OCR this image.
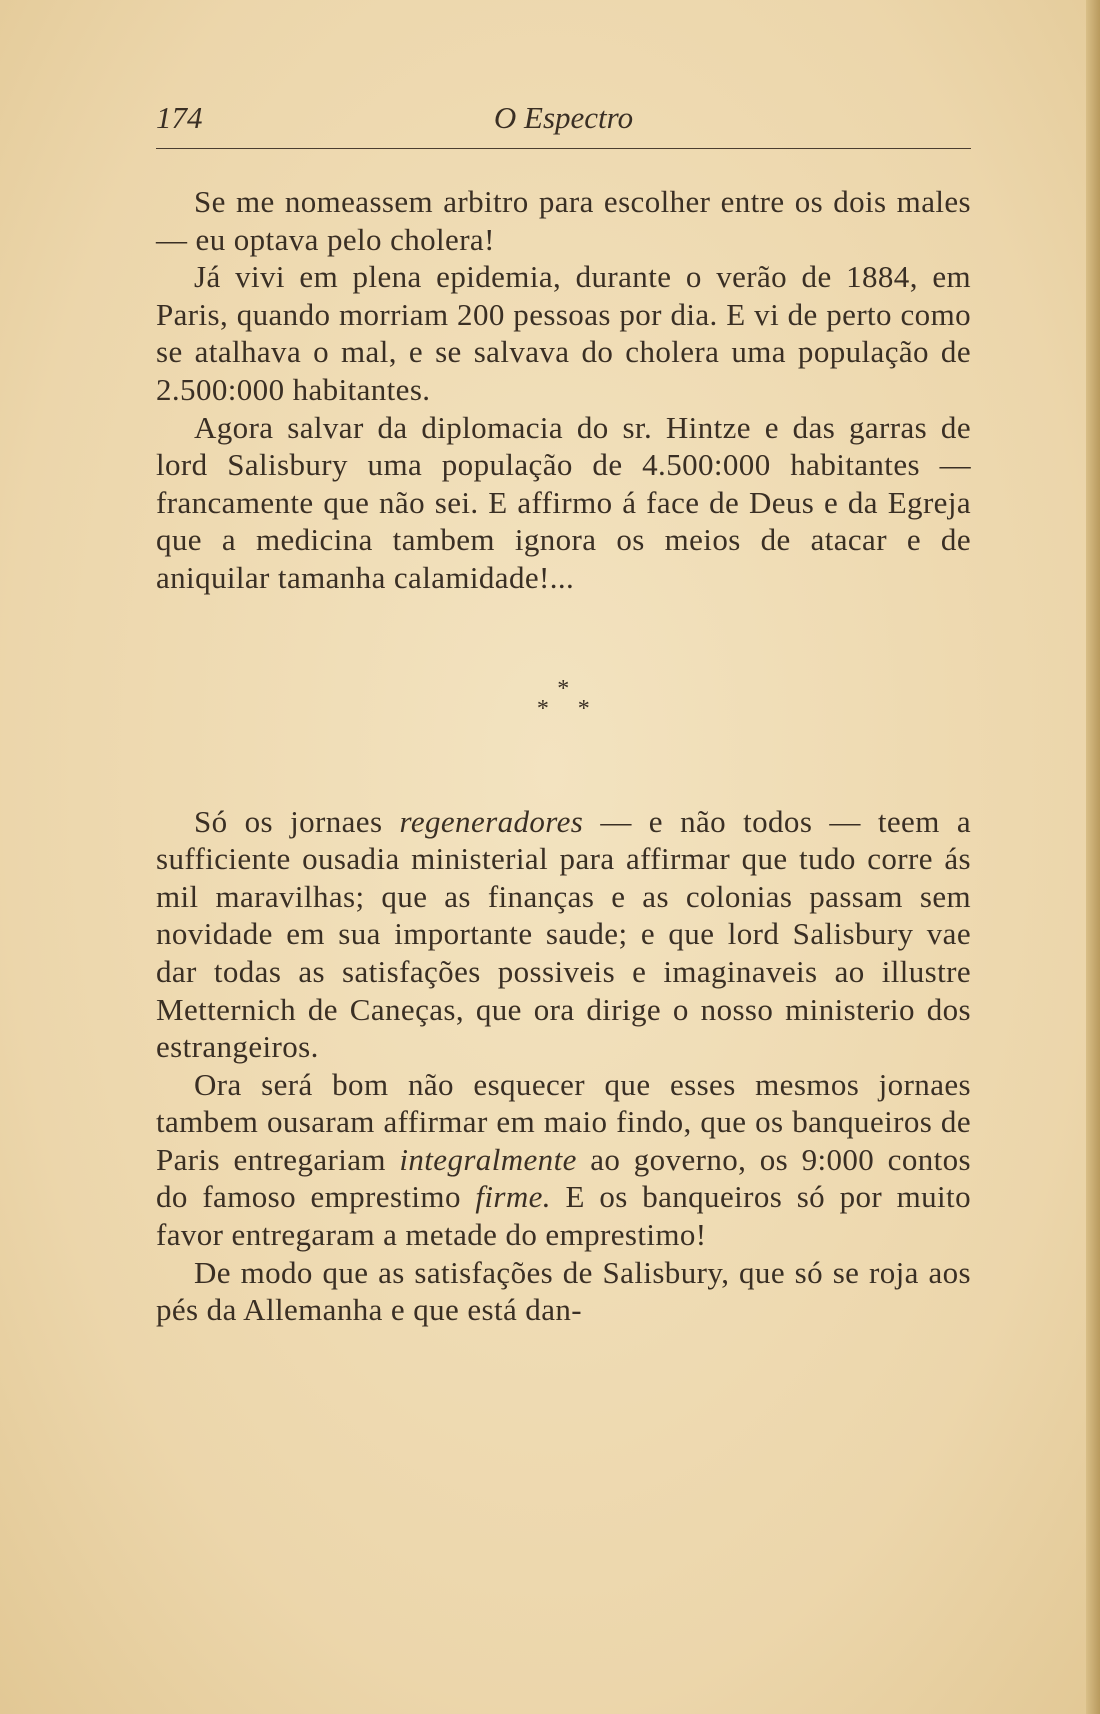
174	O Espectro

Se me nomeassem arbitro para escolher entre os dois males — eu optava pelo cholera!

Já vivi em plena epidemia, durante o verão de 1884, em Paris, quando morriam 200 pessoas por dia. E vi de perto como se atalhava o mal, e se salvava do cholera uma população de 2.500:000 habitantes.

Agora salvar da diplomacia do sr. Hintze e das garras de lord Salisbury uma população de 4.500:000 habitantes — francamente que não sei. E affirmo á face de Deus e da Egreja que a medicina tambem ignora os meios de atacar e de aniquilar tamanha calamidade!...

*
* *

Só os jornaes regeneradores — e não todos — teem a sufficiente ousadia ministerial para affirmar que tudo corre ás mil maravilhas; que as finanças e as colonias passam sem novidade em sua importante saude; e que lord Salisbury vae dar todas as satisfações possiveis e imaginaveis ao illustre Metternich de Caneças, que ora dirige o nosso ministerio dos estrangeiros.

Ora será bom não esquecer que esses mesmos jornaes tambem ousaram affirmar em maio findo, que os banqueiros de Paris entregariam integralmente ao governo, os 9:000 contos do famoso emprestimo firme. E os banqueiros só por muito favor entregaram a metade do emprestimo!

De modo que as satisfações de Salisbury, que só se roja aos pés da Allemanha e que está dan-
